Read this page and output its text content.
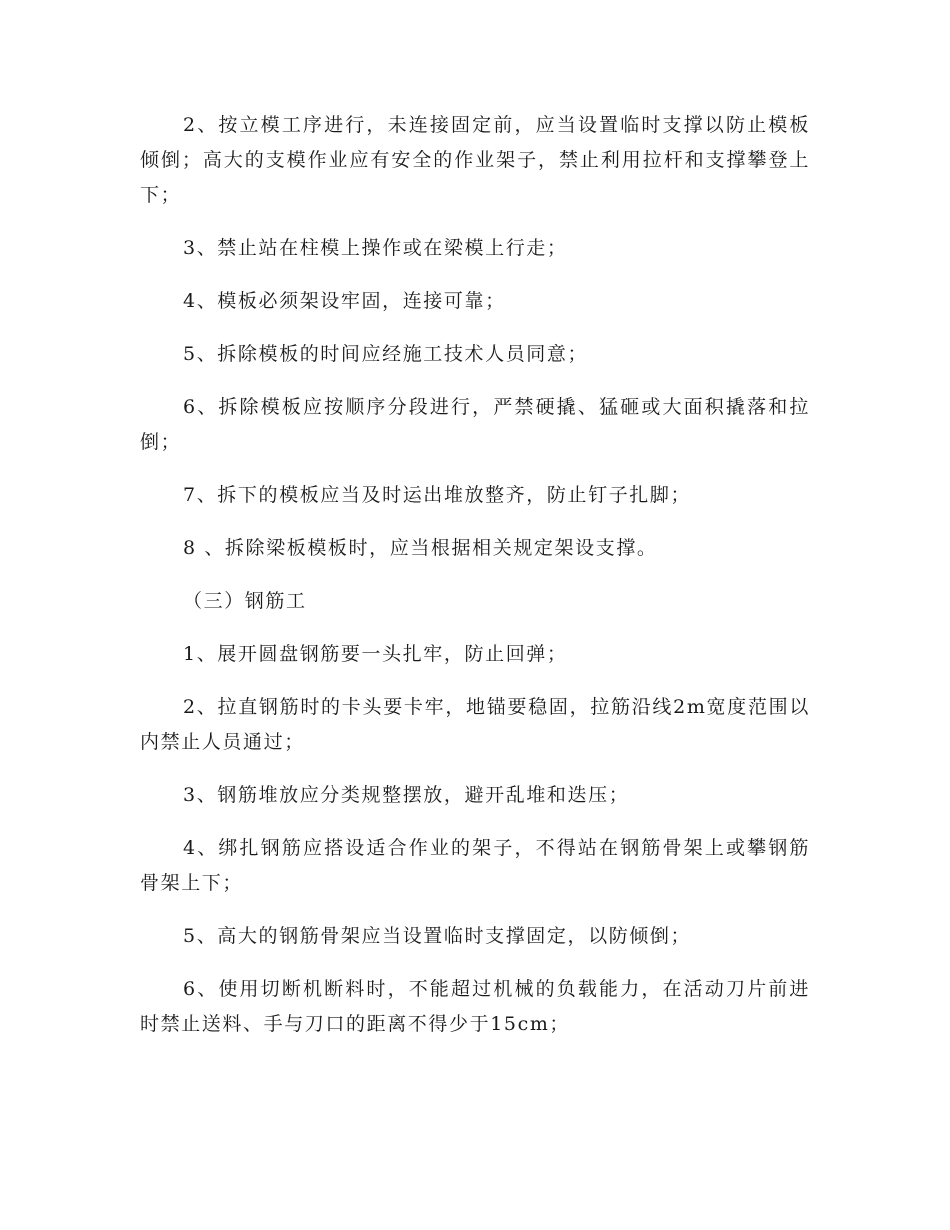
2、按立模工序进行，未连接固定前，应当设置临时支撑以防止模板倾倒；高大的支模作业应有安全的作业架子，禁止利用拉杆和支撑攀登上下；

3、禁止站在柱模上操作或在梁模上行走；

4、模板必须架设牢固，连接可靠；

5、拆除模板的时间应经施工技术人员同意；

6、拆除模板应按顺序分段进行，严禁硬撬、猛砸或大面积撬落和拉倒；

7、拆下的模板应当及时运出堆放整齐，防止钉子扎脚；

8 、拆除梁板模板时，应当根据相关规定架设支撑。

（三）钢筋工

1、展开圆盘钢筋要一头扎牢，防止回弹；

2、拉直钢筋时的卡头要卡牢，地锚要稳固，拉筋沿线2m宽度范围以内禁止人员通过；

3、钢筋堆放应分类规整摆放，避开乱堆和迭压；

4、绑扎钢筋应搭设适合作业的架子，不得站在钢筋骨架上或攀钢筋骨架上下；

5、高大的钢筋骨架应当设置临时支撑固定，以防倾倒；

6、使用切断机断料时，不能超过机械的负载能力，在活动刀片前进时禁止送料、手与刀口的距离不得少于15cm；
